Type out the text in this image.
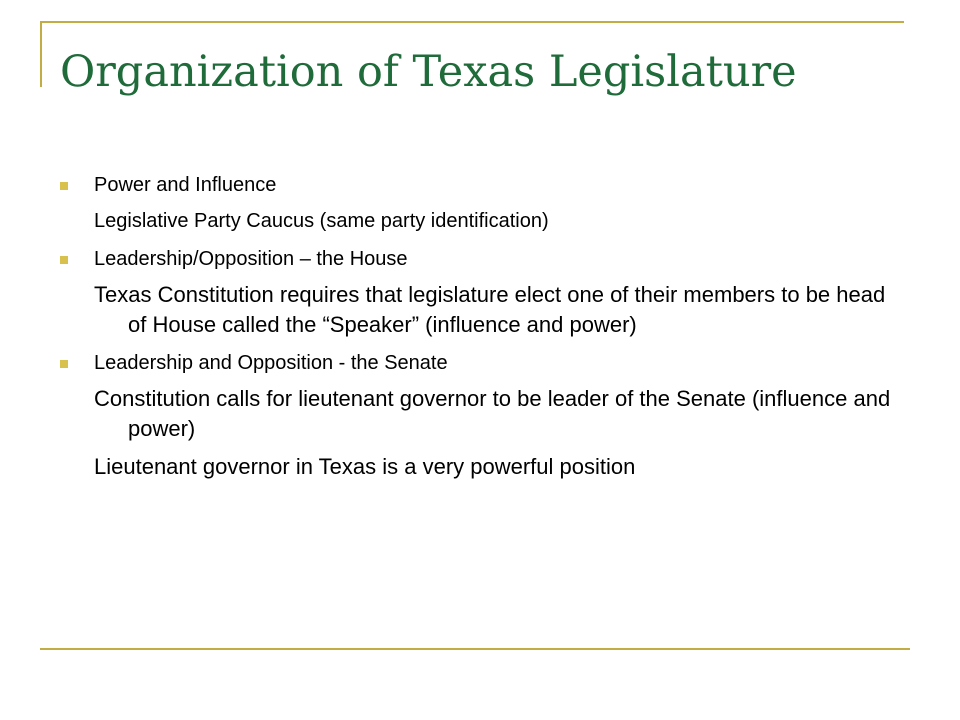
Organization of Texas Legislature
Power and Influence
Legislative Party Caucus (same party identification)
Leadership/Opposition – the House
Texas Constitution requires that legislature elect one of their members to be head of House called the “Speaker” (influence and power)
Leadership and Opposition - the Senate
Constitution calls for lieutenant governor to be leader of the Senate (influence and power)
Lieutenant governor in Texas is a very powerful position
